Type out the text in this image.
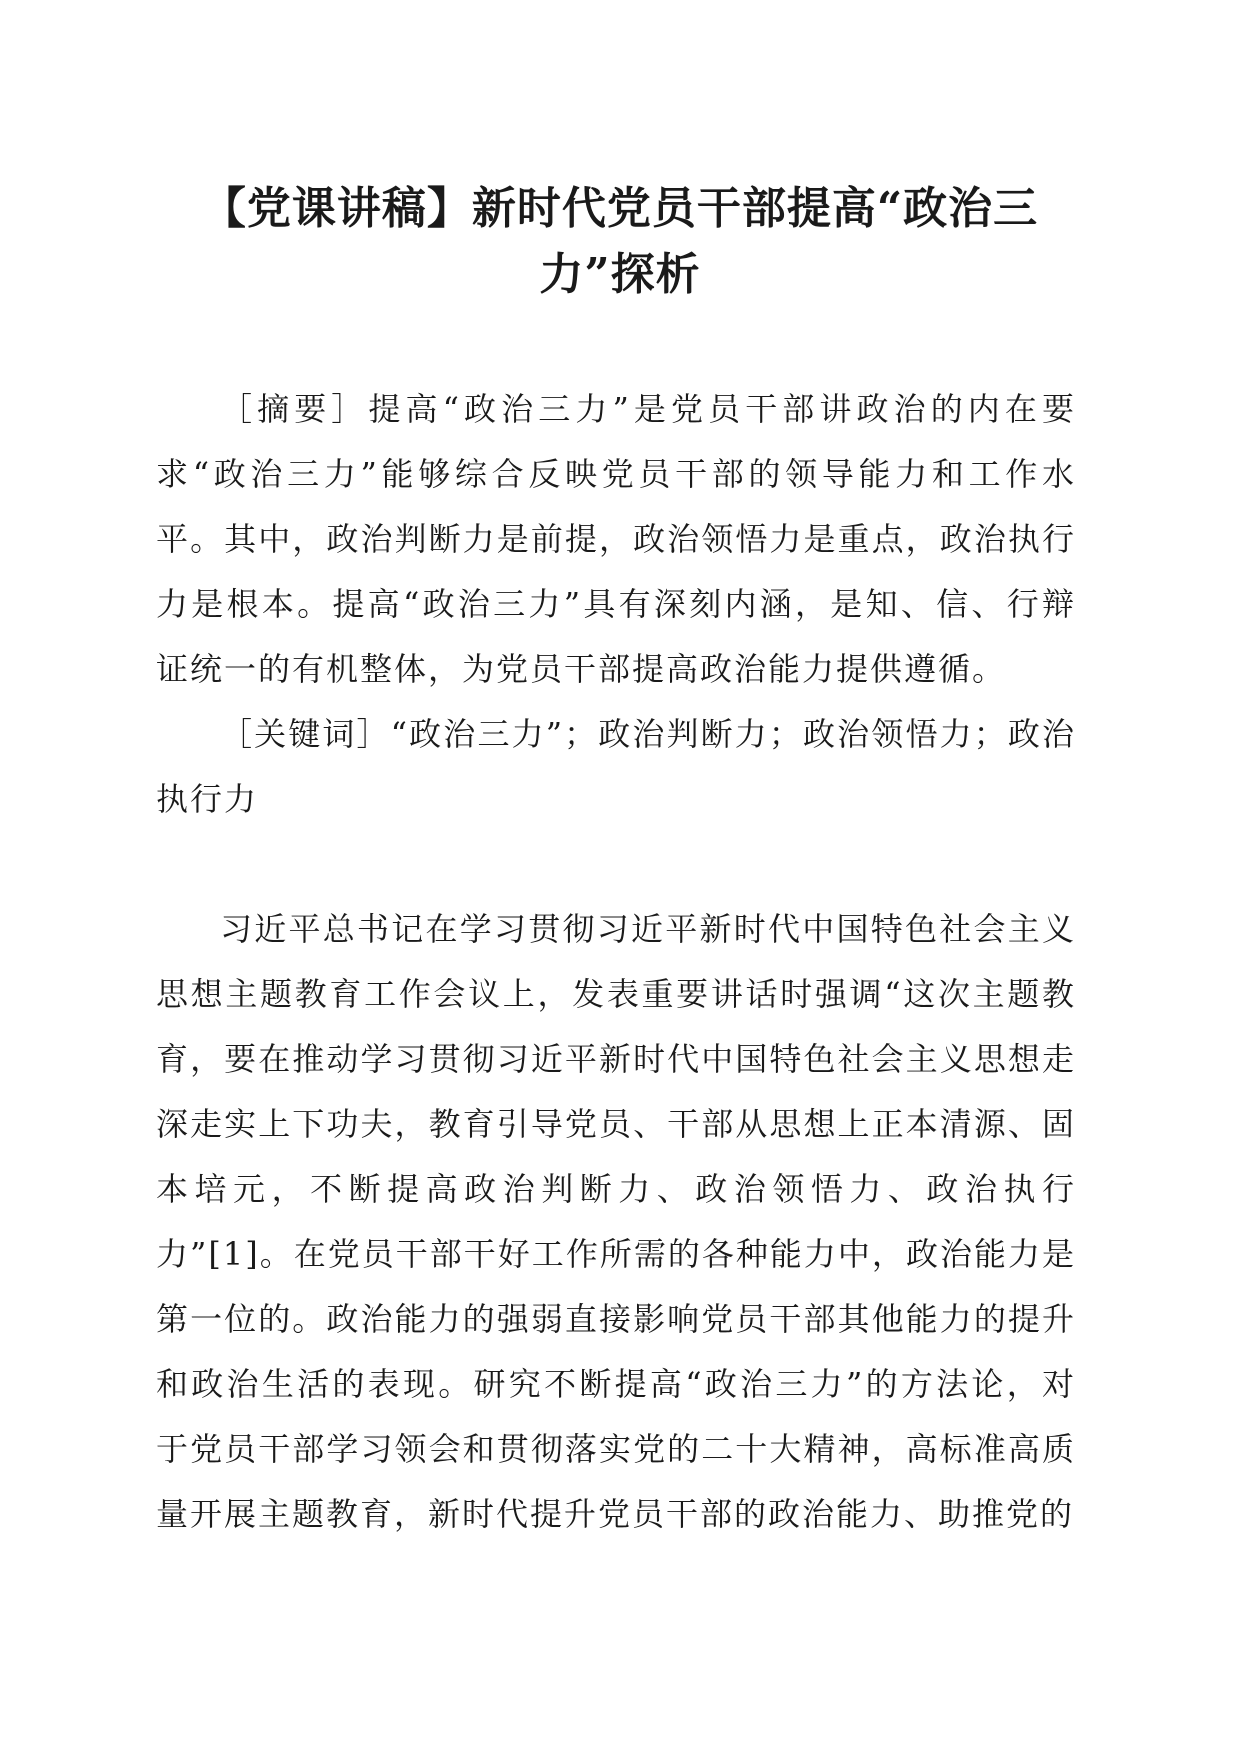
【党课讲稿】新时代党员干部提高“政治三力”探析

［摘要］提高“政治三力”是党员干部讲政治的内在要求“政治三力”能够综合反映党员干部的领导能力和工作水平。其中，政治判断力是前提，政治领悟力是重点，政治执行力是根本。提高“政治三力”具有深刻内涵，是知、信、行辩证统一的有机整体，为党员干部提高政治能力提供遵循。

［关键词］“政治三力”；政治判断力；政治领悟力；政治执行力

习近平总书记在学习贯彻习近平新时代中国特色社会主义思想主题教育工作会议上，发表重要讲话时强调“这次主题教育，要在推动学习贯彻习近平新时代中国特色社会主义思想走深走实上下功夫，教育引导党员、干部从思想上正本清源、固本培元，不断提高政治判断力、政治领悟力、政治执行力”[1]。在党员干部干好工作所需的各种能力中，政治能力是第一位的。政治能力的强弱直接影响党员干部其他能力的提升和政治生活的表现。研究不断提高“政治三力”的方法论，对于党员干部学习领会和贯彻落实党的二十大精神，高标准高质量开展主题教育，新时代提升党员干部的政治能力、助推党的
